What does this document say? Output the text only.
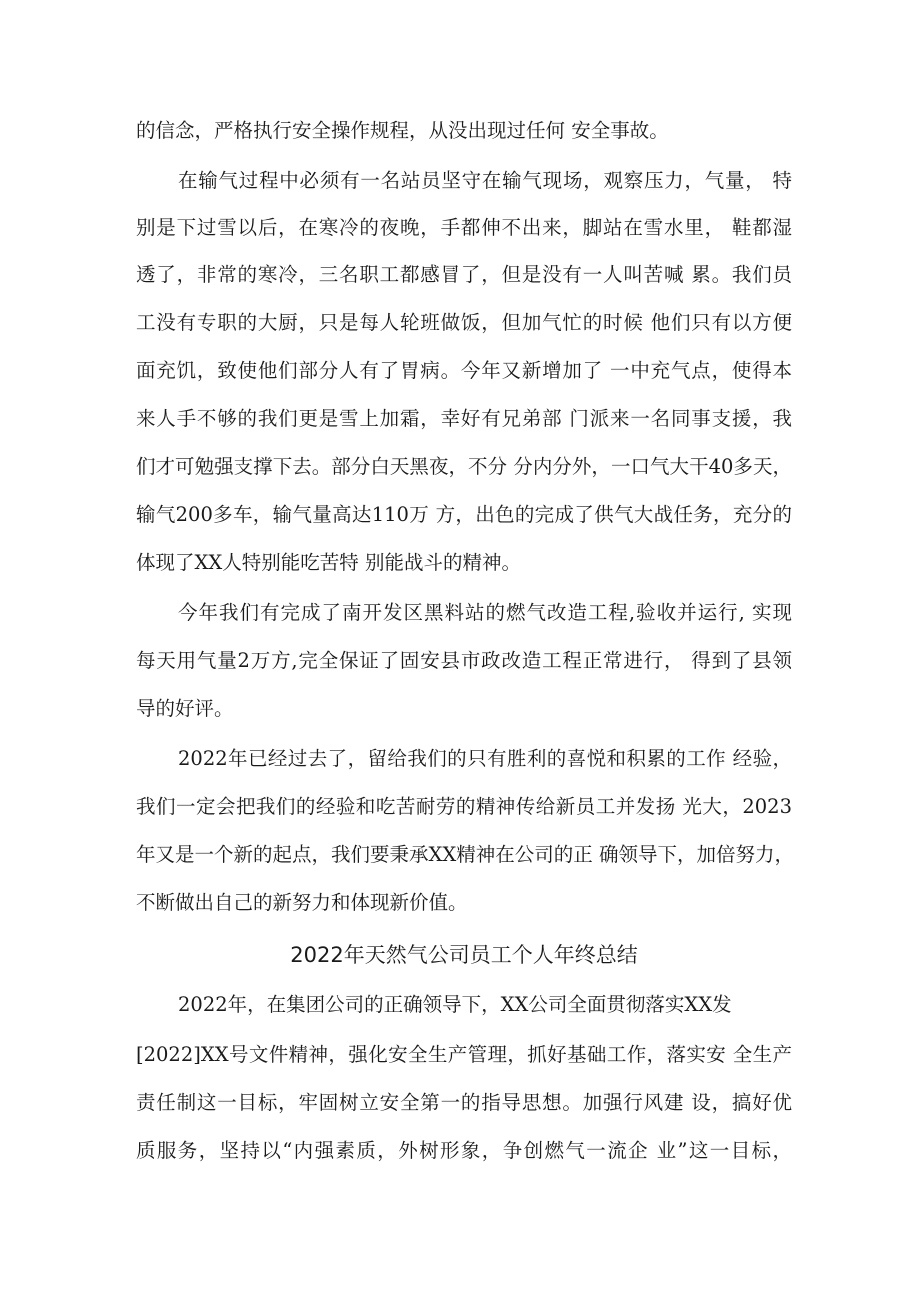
的信念，严格执行安全操作规程，从没出现过任何 安全事故。
在输气过程中必须有一名站员坚守在输气现场，观察压力，气量， 特
别是下过雪以后，在寒冷的夜晚，手都伸不出来，脚站在雪水里， 鞋都湿
透了，非常的寒冷，三名职工都感冒了，但是没有一人叫苦喊 累。我们员
工没有专职的大厨，只是每人轮班做饭，但加气忙的时候 他们只有以方便
面充饥，致使他们部分人有了胃病。今年又新增加了 一中充气点，使得本
来人手不够的我们更是雪上加霜，幸好有兄弟部 门派来一名同事支援，我
们才可勉强支撑下去。部分白天黑夜，不分 分内分外，一口气大干40多天，
输气200多车，输气量高达110万 方，出色的完成了供气大战任务，充分的
体现了XX人特别能吃苦特 别能战斗的精神。
今年我们有完成了南开发区黑料站的燃气改造工程,验收并运行, 实现
每天用气量2万方,完全保证了固安县市政改造工程正常进行， 得到了县领
导的好评。
2022年已经过去了，留给我们的只有胜利的喜悦和积累的工作 经验，
我们一定会把我们的经验和吃苦耐劳的精神传给新员工并发扬 光大，2023
年又是一个新的起点，我们要秉承XX精神在公司的正 确领导下，加倍努力，
不断做出自己的新努力和体现新价值。
2022年天然气公司员工个人年终总结
2022年，在集团公司的正确领导下，XX公司全面贯彻落实XX发
[2022]XX号文件精神，强化安全生产管理，抓好基础工作，落实安 全生产
责任制这一目标，牢固树立安全第一的指导思想。加强行风建 设，搞好优
质服务，坚持以“内强素质，外树形象，争创燃气一流企 业”这一目标，
